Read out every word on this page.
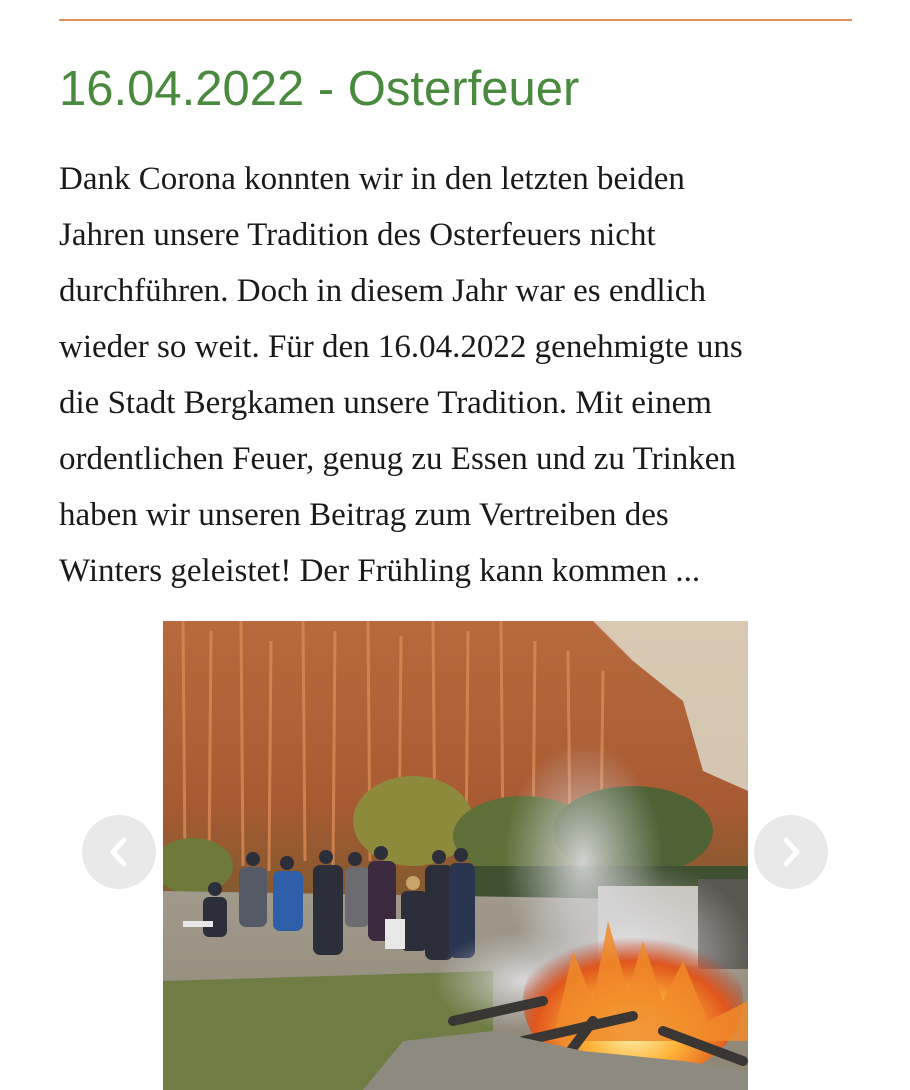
16.04.2022 - Osterfeuer

Dank Corona konnten wir in den letzten beiden
Jahren unsere Tradition des Osterfeuers nicht
durchführen. Doch in diesem Jahr war es endlich
wieder so weit. Für den 16.04.2022 genehmigte uns
die Stadt Bergkamen unsere Tradition. Mit einem
ordentlichen Feuer, genug zu Essen und zu Trinken
haben wir unseren Beitrag zum Vertreiben des
Winters geleistet! Der Frühling kann kommen ...
